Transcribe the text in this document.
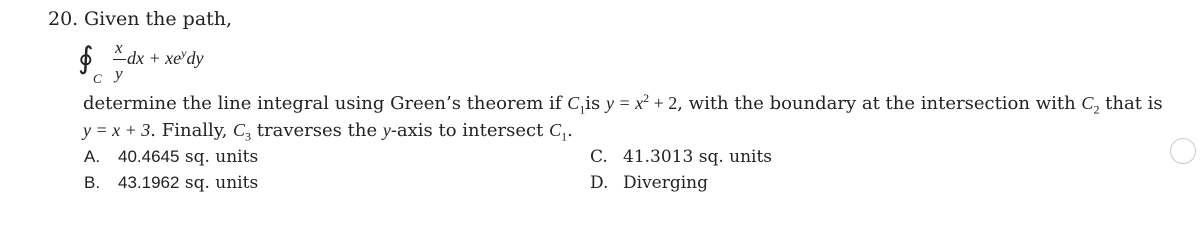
20. Given the path,
∮
C
x
y
dx + $xe^ydy$
determine the line integral using Green’s theorem if $C_1is$ $y = x^2 + 2$, with the boundary at the intersection with $C_2$ that is
y = x + 3. Finally, $C_3$ traverses the y-axis to intersect $C_1$.
A. 40.4645 sq. units
B. 43.1962 sq. units
C. 41.3013 sq. units
D. Diverging
